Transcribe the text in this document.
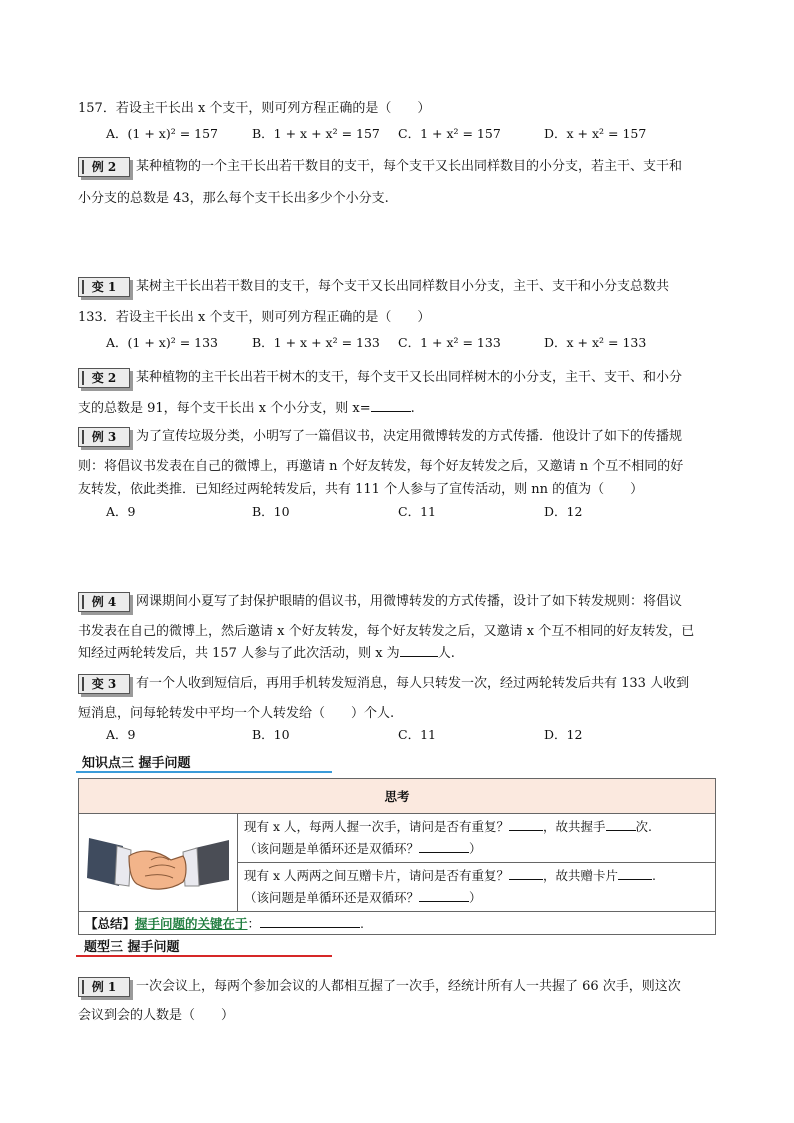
157．若设主干长出 x 个支干，则可列方程正确的是（　　）
A．(1 + x)² = 157	B．1 + x + x² = 157 C．1 + x² = 157	D．x + x² = 157
例 2 某种植物的一个主干长出若干数目的支干，每个支干又长出同样数目的小分支，若主干、支干和
小分支的总数是 43，那么每个支干长出多少个小分支.
变 1 某树主干长出若干数目的支干，每个支干又长出同样数目小分支，主干、支干和小分支总数共
133．若设主干长出 x 个支干，则可列方程正确的是（　　）
A．(1 + x)² = 133	B．1 + x + x² = 133 C．1 + x² = 133	D．x + x² = 133
变 2 某种植物的主干长出若干树木的支干，每个支干又长出同样树木的小分支，主干、支干、和小分
支的总数是 91，每个支干长出 x 个小分支，则 x=	.
例 3 为了宣传垃圾分类，小明写了一篇倡议书，决定用微博转发的方式传播．他设计了如下的传播规
则：将倡议书发表在自己的微博上，再邀请 n 个好友转发，每个好友转发之后，又邀请 n 个互不相同的好
友转发，依此类推．已知经过两轮转发后，共有 111 个人参与了宣传活动，则 nn 的值为（　　）
A．9	B．10	C．11	D．12
例 4 网课期间小夏写了封保护眼睛的倡议书，用微博转发的方式传播，设计了如下转发规则：将倡议
书发表在自己的微博上，然后邀请 x 个好友转发，每个好友转发之后，又邀请 x 个互不相同的好友转发，已
知经过两轮转发后，共 157 人参与了此次活动，则 x 为	人.
变 3 有一个人收到短信后，再用手机转发短消息，每人只转发一次，经过两轮转发后共有 133 人收到
短消息，问每轮转发中平均一个人转发给（　　）个人.
A．9	B．10	C．11	D．12
知识点三 握手问题
思考
	现有 x 人，每两人握一次手，请问是否有重复？	，故共握手 次.
（该问题是单循环还是双循环？	）
现有 x 人两两之间互赠卡片，请问是否有重复？	，故共赠卡片	.
（该问题是单循环还是双循环？	）
【总结】握手问题的关键在于：	.
题型三 握手问题
例 1 一次会议上，每两个参加会议的人都相互握了一次手，经统计所有人一共握了 66 次手，则这次
会议到会的人数是（　　）
